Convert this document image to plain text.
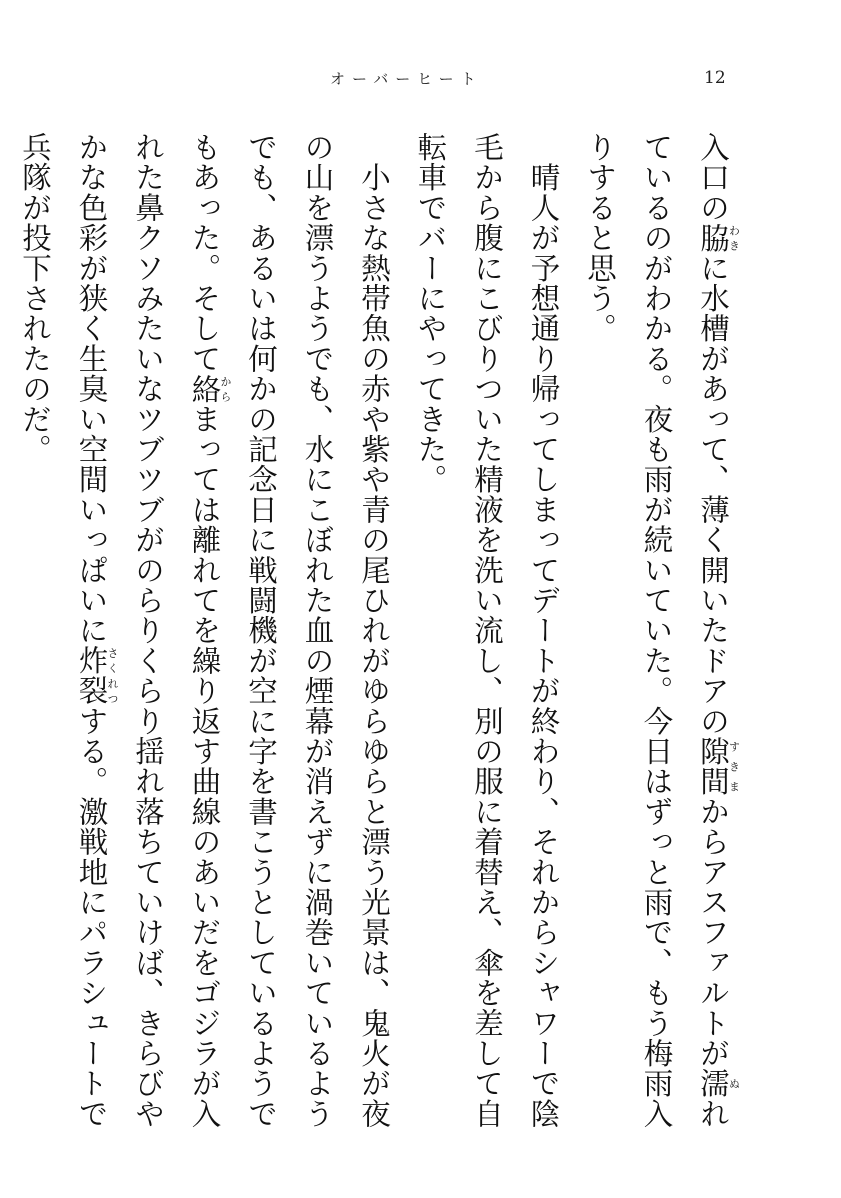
オーバーヒート	12

入口の脇わきに水槽があって、薄く開いたドアの隙間すきまからアスファルトが濡ぬれているのがわかる。夜も雨が続いていた。今日はずっと雨で、もう梅雨入りすると思う。

　晴人が予想通り帰ってしまってデートが終わり、それからシャワーで陰毛から腹にこびりついた精液を洗い流し、別の服に着替え、傘を差して自転車でバーにやってきた。

　小さな熱帯魚の赤や紫や青の尾ひれがゆらゆらと漂う光景は、鬼火が夜の山を漂うようでも、水にこぼれた血の煙幕が消えずに渦巻いているようでも、あるいは何かの記念日に戦闘機が空に字を書こうとしているようでもあった。そして絡からまっては離れてを繰り返す曲線のあいだをゴジラが入れた鼻クソみたいなツブツブがのらりくらり揺れ落ちていけば、きらびやかな色彩が狭く生臭い空間いっぱいに炸裂さくれつする。激戦地にパラシュートで兵隊が投下されたのだ。
